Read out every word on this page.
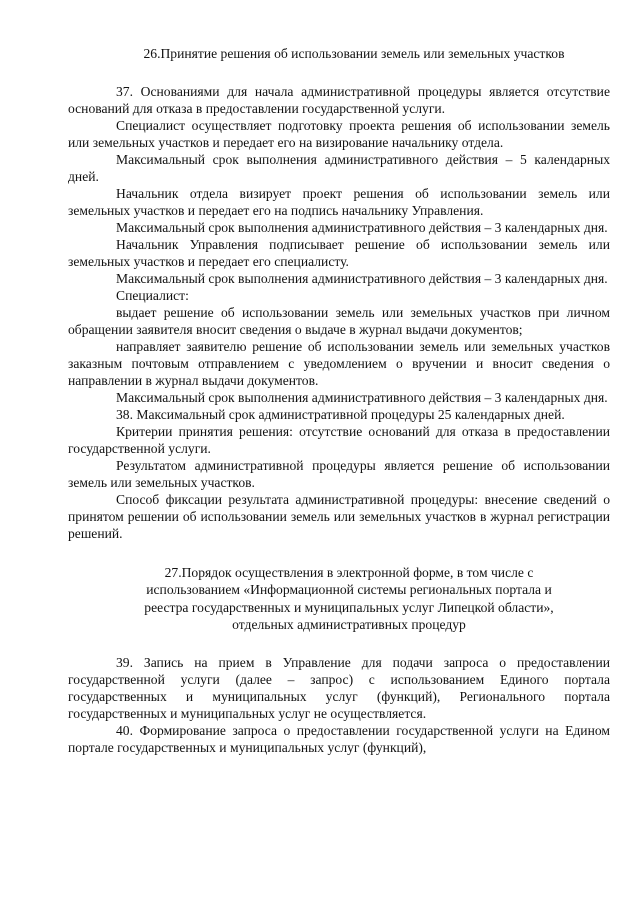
26.Принятие решения об использовании земель или земельных участков

37. Основаниями для начала административной процедуры является отсутствие оснований для отказа в предоставлении государственной услуги.

Специалист осуществляет подготовку проекта решения об использовании земель или земельных участков и передает его на визирование начальнику отдела.

Максимальный срок выполнения административного действия – 5 календарных дней.

Начальник отдела визирует проект решения об использовании земель или земельных участков и передает его на подпись начальнику Управления.

Максимальный срок выполнения административного действия – 3 календарных дня.

Начальник Управления подписывает решение об использовании земель или земельных участков и передает его специалисту.

Максимальный срок выполнения административного действия – 3 календарных дня.

Специалист:

выдает решение об использовании земель или земельных участков при личном обращении заявителя вносит сведения о выдаче в журнал выдачи документов;

направляет заявителю решение об использовании земель или земельных участков заказным почтовым отправлением с уведомлением о вручении и вносит сведения о направлении в журнал выдачи документов.

Максимальный срок выполнения административного действия – 3 календарных дня.

38. Максимальный срок административной процедуры 25 календарных дней.

Критерии принятия решения: отсутствие оснований для отказа в предоставлении государственной услуги.

Результатом административной процедуры является решение об использовании земель или земельных участков.

Способ фиксации результата административной процедуры: внесение сведений о принятом решении об использовании земель или земельных участков в журнал регистрации решений.

27.Порядок осуществления в электронной форме, в том числе с
использованием «Информационной системы региональных портала и
реестра государственных и муниципальных услуг Липецкой области»,
отдельных административных процедур

39. Запись на прием в Управление для подачи запроса о предоставлении государственной услуги (далее – запрос) с использованием Единого портала государственных и муниципальных услуг (функций), Регионального портала государственных и муниципальных услуг не осуществляется.

40. Формирование запроса о предоставлении государственной услуги на Едином портале государственных и муниципальных услуг (функций),
